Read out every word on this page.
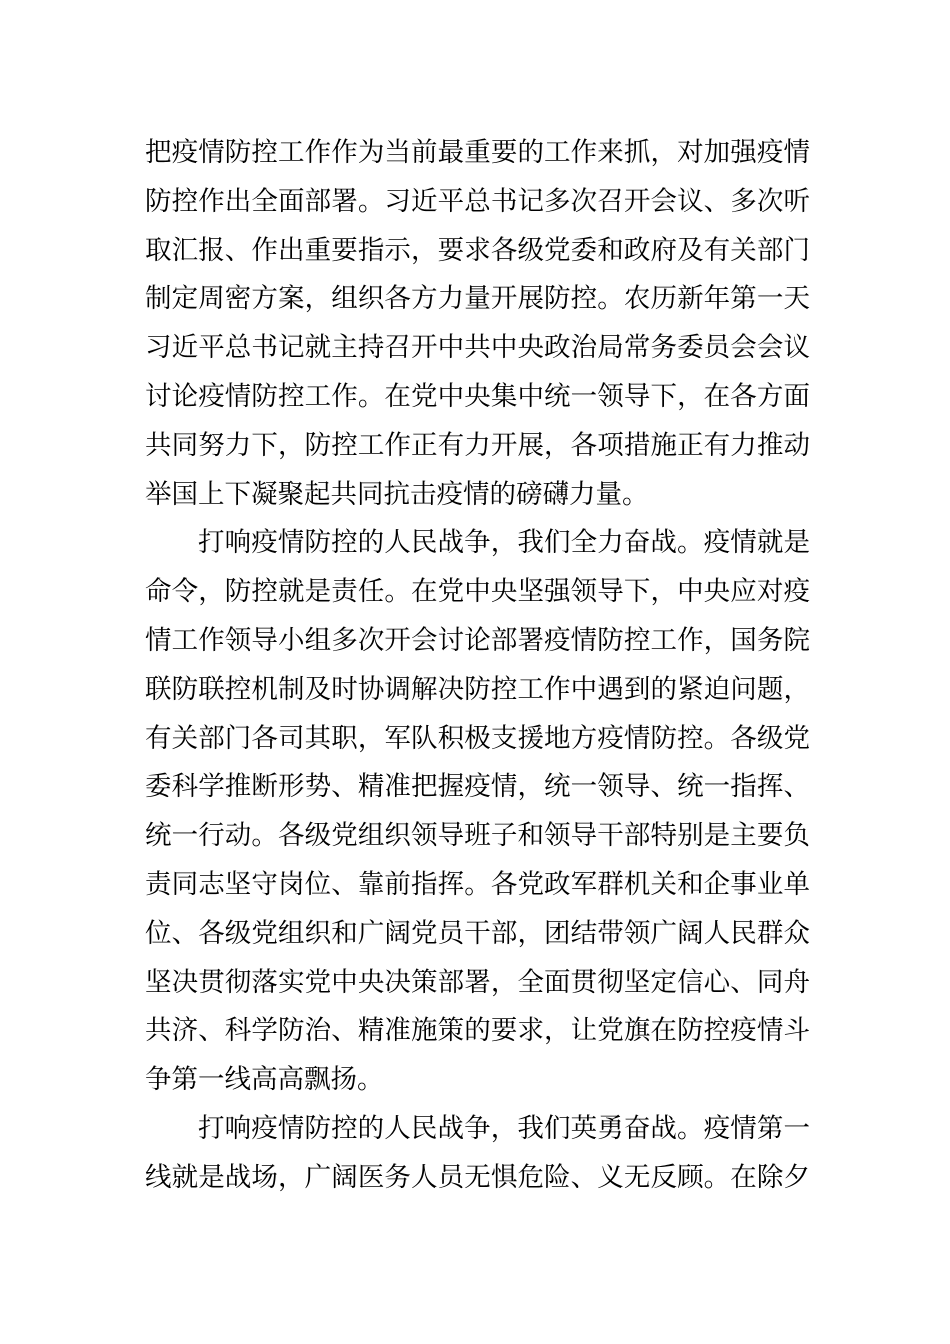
把疫情防控工作作为当前最重要的工作来抓，对加强疫情
防控作出全面部署。习近平总书记多次召开会议、多次听
取汇报、作出重要指示，要求各级党委和政府及有关部门
制定周密方案，组织各方力量开展防控。农历新年第一天
习近平总书记就主持召开中共中央政治局常务委员会会议
讨论疫情防控工作。在党中央集中统一领导下，在各方面
共同努力下，防控工作正有力开展，各项措施正有力推动
举国上下凝聚起共同抗击疫情的磅礴力量。
打响疫情防控的人民战争，我们全力奋战。疫情就是
命令，防控就是责任。在党中央坚强领导下，中央应对疫
情工作领导小组多次开会讨论部署疫情防控工作，国务院
联防联控机制及时协调解决防控工作中遇到的紧迫问题，
有关部门各司其职，军队积极支援地方疫情防控。各级党
委科学推断形势、精准把握疫情，统一领导、统一指挥、
统一行动。各级党组织领导班子和领导干部特别是主要负
责同志坚守岗位、靠前指挥。各党政军群机关和企事业单
位、各级党组织和广阔党员干部，团结带领广阔人民群众
坚决贯彻落实党中央决策部署，全面贯彻坚定信心、同舟
共济、科学防治、精准施策的要求，让党旗在防控疫情斗
争第一线高高飘扬。
打响疫情防控的人民战争，我们英勇奋战。疫情第一
线就是战场，广阔医务人员无惧危险、义无反顾。在除夕
